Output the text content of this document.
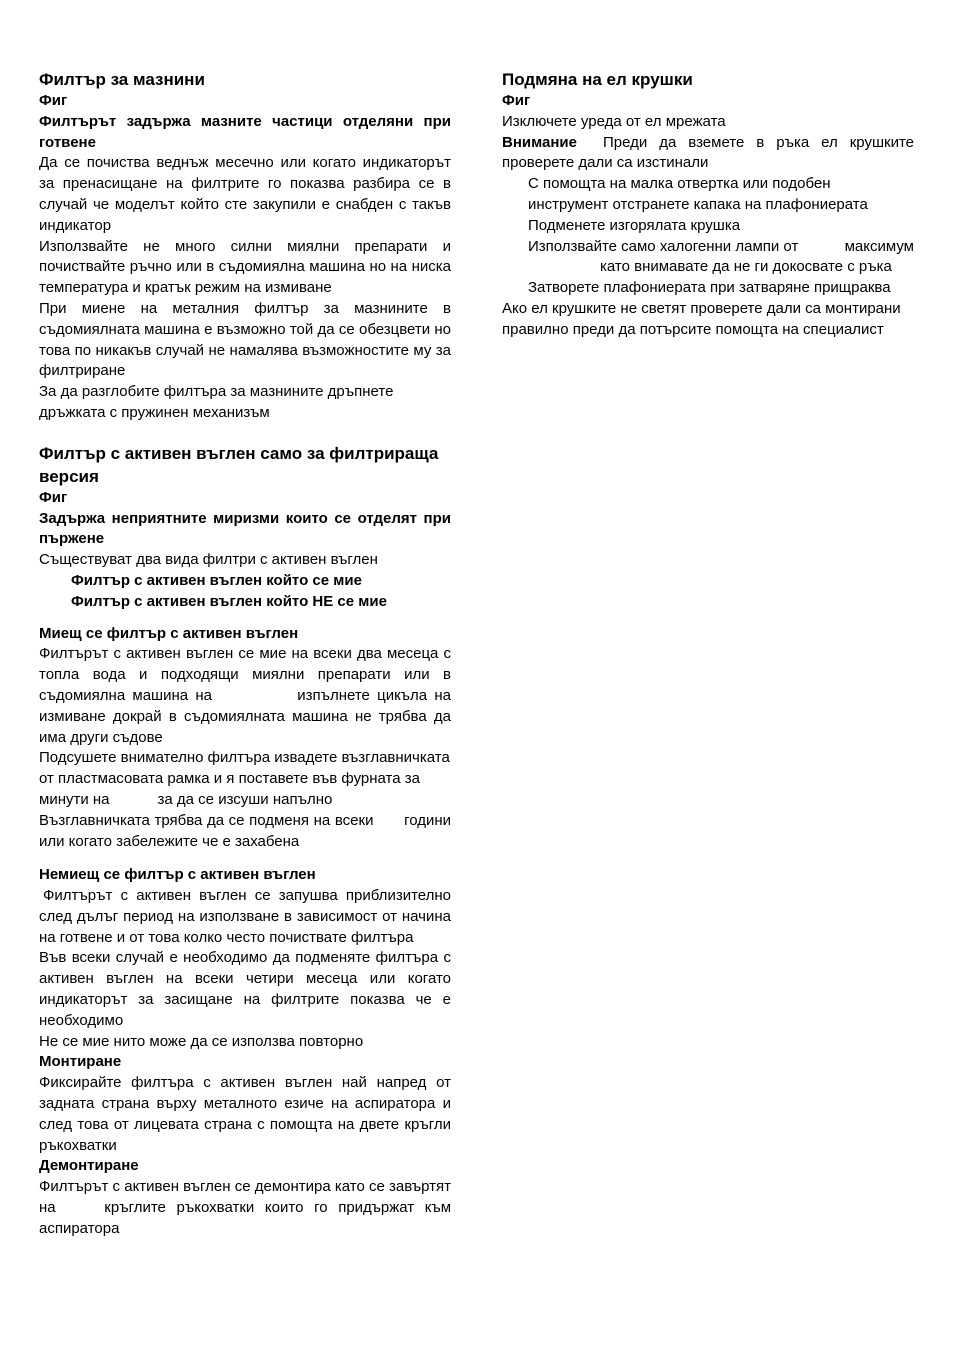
Филтър за мазнини
Фиг
Филтърът задържа мазните частици отделяни при готвене
Да се почиства веднъж месечно или когато индикаторът за пренасищане на филтрите го показва разбира се в случай че моделът който сте закупили е снабден с такъв индикатор
Използвайте не много силни миялни препарати и почиствайте ръчно или в съдомиялна машина но на ниска температура и кратък режим на измиване
При миене на металния филтър за мазнините в съдомиялната машина е възможно той да се обезцвети но това по никакъв случай не намалява възможностите му за филтриране
За да разглобите филтъра за мазнините дръпнете дръжката с пружинен механизъм
Филтър с активен въглен само за филтрираща версия
Фиг
Задържа неприятните миризми които се отделят при пържене
Съществуват два вида филтри с активен въглен
Филтър с активен въглен който се мие
Филтър с активен въглен който НЕ се мие
Миещ се филтър с активен въглен
Филтърът с активен въглен се мие на всеки два месеца с топла вода и подходящи миялни препарати или в съдомиялна машина на	изпълнете цикъла на измиване докрай в съдомиялната машина не трябва да има други съдове
Подсушете внимателно филтъра извадете възглавничката от пластмасовата рамка и я поставете във фурната заминути на	за да се изсуши напълно
Възглавничката трябва да се подменя на всеки години или когато забележите че е захабена
Немиещ се филтър с активен въглен
Филтърът с активен въглен се запушва приблизително след дълъг период на използване в зависимост от начина на готвене и от това колко често почиствате филтъра
Във всеки случай е необходимо да подменяте филтъра с активен въглен на всеки четири месеца или когато индикаторът за засищане на филтрите показва че е необходимо
Не се мие нито може да се използва повторно
Монтиране
Фиксирайте филтъра с активен въглен най напред от задната страна върху металното езиче на аспиратора и след това от лицевата страна с помощта на двете кръгли ръкохватки
Демонтиране
Филтърът с активен въглен се демонтира като се завъртят на	кръглите ръкохватки които го придържат към аспиратора
Подмяна на ел крушки
Фиг
Изключете уреда от ел мрежата
Внимание Преди да вземете в ръка ел крушките проверете дали са изстинали
С помощта на малка отвертка или подобен инструмент отстранете капака на плафониерата
Подменете изгорялата крушка
Използвайте само халогенни лампи от	максимум
като внимавате да не ги докосвате с ръка
Затворете плафониерата при затваряне прищраква
Ако ел крушките не светят проверете дали са монтирани правилно преди да потърсите помощта на специалист
